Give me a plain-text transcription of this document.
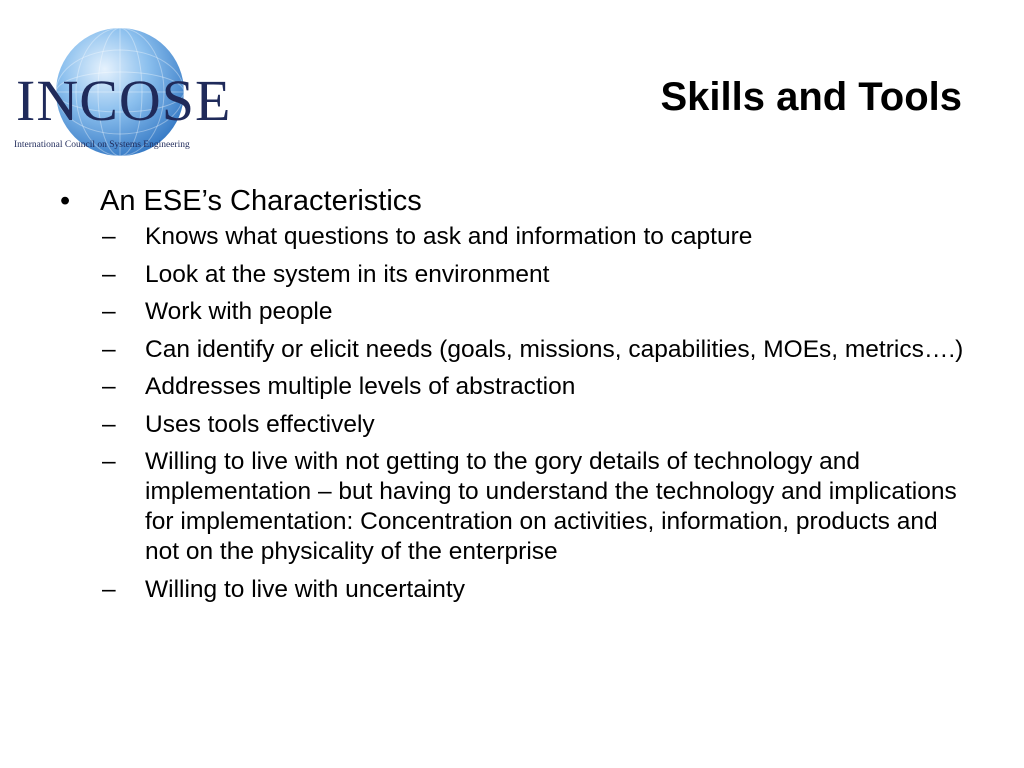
INCOSE
International Council on Systems Engineering
Skills and Tools
• An ESE’s Characteristics
– Knows what questions to ask and information to capture
– Look at the system in its environment
– Work with people
– Can identify or elicit needs (goals, missions, capabilities, MOEs, metrics….)
– Addresses multiple levels of abstraction
– Uses tools effectively
– Willing to live with not getting to the gory details of technology and implementation – but having to understand the technology and implications for implementation: Concentration on activities, information, products and not on the physicality of the enterprise
– Willing to live with uncertainty
